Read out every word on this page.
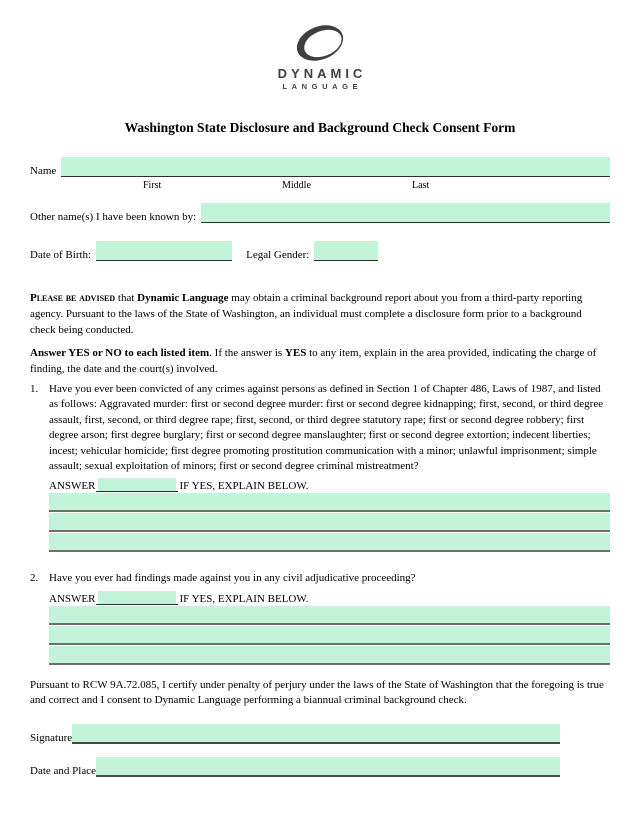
DYNAMIC
LANGUAGE
Washington State Disclosure and Background Check Consent Form
Name
First	Middle	Last
Other name(s) I have been known by:
Date of Birth:	Legal Gender:

Please be advised that Dynamic Language may obtain a criminal background report about you from a third-party reporting agency. Pursuant to the laws of the State of Washington, an individual must complete a disclosure form prior to a background check being conducted.

Answer YES or NO to each listed item. If the answer is YES to any item, explain in the area provided, indicating the charge of finding, the date and the court(s) involved.

1. Have you ever been convicted of any crimes against persons as defined in Section 1 of Chapter 486, Laws of 1987, and listed as follows: Aggravated murder: first or second degree murder: first or second degree kidnapping; first, second, or third degree assault, first, second, or third degree rape; first, second, or third degree statutory rape; first or second degree robbery; first degree arson; first degree burglary; first or second degree manslaughter; first or second degree extortion; indecent liberties; incest; vehicular homicide; first degree promoting prostitution communication with a minor; unlawful imprisonment; simple assault; sexual exploitation of minors; first or second degree criminal mistreatment?
ANSWER	IF YES, EXPLAIN BELOW.
2. Have you ever had findings made against you in any civil adjudicative proceeding?
ANSWER	IF YES, EXPLAIN BELOW.

Pursuant to RCW 9A.72.085, I certify under penalty of perjury under the laws of the State of Washington that the foregoing is true and correct and I consent to Dynamic Language performing a biannual criminal background check.

Signature
Date and Place
